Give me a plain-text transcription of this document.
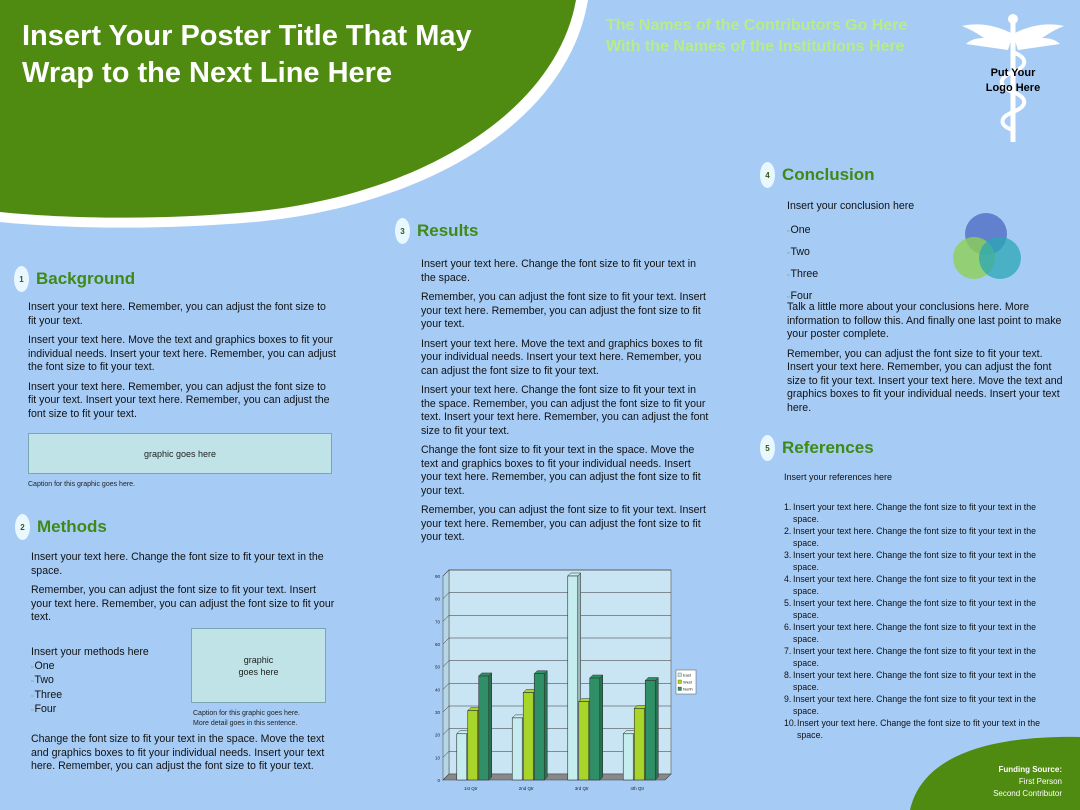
Insert Your Poster Title That May Wrap to the Next Line Here
The Names of the Contributors Go Here
With the Names of the Institutions Here
Put Your
Logo Here
1 Background

Insert your text here. Remember, you can adjust the font size to fit your text.

Insert your text here. Move the text and graphics boxes to fit your individual needs. Insert your text here. Remember, you can adjust the font size to fit your text.

Insert your text here. Remember, you can adjust the font size to fit your text. Insert your text here. Remember, you can adjust the font size to fit your text.

graphic goes here
Caption for this graphic goes here.
2 Methods

Insert your text here. Change the font size to fit your text in the space.

Remember, you can adjust the font size to fit your text. Insert your text here. Remember, you can adjust the font size to fit your text.

Insert your methods here
▫ One
▫ Two
▫ Three
▫ Four
graphic goes here
Caption for this graphic goes here.
More detail goes in this sentence.
Change the font size to fit your text in the space. Move the text and graphics boxes to fit your individual needs. Insert your text here. Remember, you can adjust the font size to fit your text.
3 Results

Insert your text here. Change the font size to fit your text in the space.

Remember, you can adjust the font size to fit your text. Insert your text here. Remember, you can adjust the font size to fit your text.

Insert your text here. Move the text and graphics boxes to fit your individual needs. Insert your text here. Remember, you can adjust the font size to fit your text.

Insert your text here. Change the font size to fit your text in the space. Remember, you can adjust the font size to fit your text. Insert your text here. Remember, you can adjust the font size to fit your text.

Change the font size to fit your text in the space. Move the text and graphics boxes to fit your individual needs. Insert your text here. Remember, you can adjust the font size to fit your text.

Remember, you can adjust the font size to fit your text. Insert your text here. Remember, you can adjust the font size to fit your text.

0
10
20
30
40
50
60
70
80
90
1st Qtr	2nd Qtr	3rd Qtr	4th Qtr
East
West
North
4 Conclusion
Insert your conclusion here
▫ One
▫ Two
▫ Three
▫ Four

Talk a little more about your conclusions here. More information to follow this. And finally one last point to make your poster complete.

Remember, you can adjust the font size to fit your text. Insert your text here. Remember, you can adjust the font size to fit your text. Insert your text here. Move the text and graphics boxes to fit your individual needs. Insert your text here.

5 References
Insert your references here
1. Insert your text here. Change the font size to fit your text in the space.
2. Insert your text here. Change the font size to fit your text in the space.
3. Insert your text here. Change the font size to fit your text in the space.
4. Insert your text here. Change the font size to fit your text in the space.
5. Insert your text here. Change the font size to fit your text in the space.
6. Insert your text here. Change the font size to fit your text in the space.
7. Insert your text here. Change the font size to fit your text in the space.
8. Insert your text here. Change the font size to fit your text in the space.
9. Insert your text here. Change the font size to fit your text in the space.
10. Insert your text here. Change the font size to fit your text in the space.
Funding Source:
First Person
Second Contributor
